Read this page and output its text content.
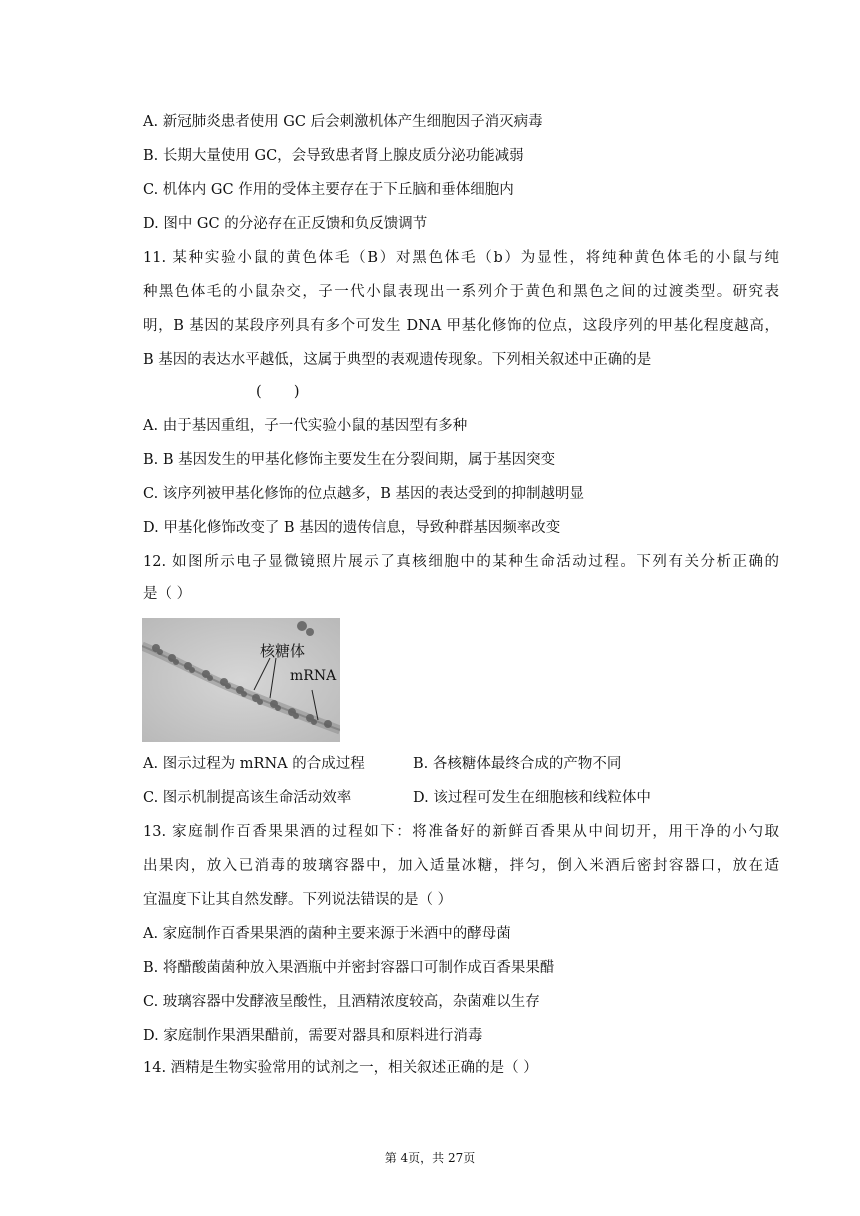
A. 新冠肺炎患者使用 GC 后会刺激机体产生细胞因子消灭病毒
B. 长期大量使用 GC，会导致患者肾上腺皮质分泌功能减弱
C. 机体内 GC 作用的受体主要存在于下丘脑和垂体细胞内
D. 图中 GC 的分泌存在正反馈和负反馈调节
11. 某种实验小鼠的黄色体毛（B）对黑色体毛（b）为显性，将纯种黄色体毛的小鼠与纯
种黑色体毛的小鼠杂交，子一代小鼠表现出一系列介于黄色和黑色之间的过渡类型。研究表
明，B 基因的某段序列具有多个可发生 DNA 甲基化修饰的位点，这段序列的甲基化程度越高，
B 基因的表达水平越低，这属于典型的表观遗传现象。下列相关叙述中正确的是
(       )
A. 由于基因重组，子一代实验小鼠的基因型有多种
B. B 基因发生的甲基化修饰主要发生在分裂间期，属于基因突变
C. 该序列被甲基化修饰的位点越多，B 基因的表达受到的抑制越明显
D. 甲基化修饰改变了 B 基因的遗传信息，导致种群基因频率改变
12. 如图所示电子显微镜照片展示了真核细胞中的某种生命活动过程。下列有关分析正确的
是（ ）
核糖体
mRNA
A. 图示过程为 mRNA 的合成过程	B. 各核糖体最终合成的产物不同
C. 图示机制提高该生命活动效率	D. 该过程可发生在细胞核和线粒体中
13. 家庭制作百香果果酒的过程如下：将准备好的新鲜百香果从中间切开，用干净的小勺取
出果肉，放入已消毒的玻璃容器中，加入适量冰糖，拌匀，倒入米酒后密封容器口，放在适
宜温度下让其自然发酵。下列说法错误的是（ ）
A. 家庭制作百香果果酒的菌种主要来源于米酒中的酵母菌
B. 将醋酸菌菌种放入果酒瓶中并密封容器口可制作成百香果果醋
C. 玻璃容器中发酵液呈酸性，且酒精浓度较高，杂菌难以生存
D. 家庭制作果酒果醋前，需要对器具和原料进行消毒
14. 酒精是生物实验常用的试剂之一，相关叙述正确的是（ ）
第 4页，共 27页
